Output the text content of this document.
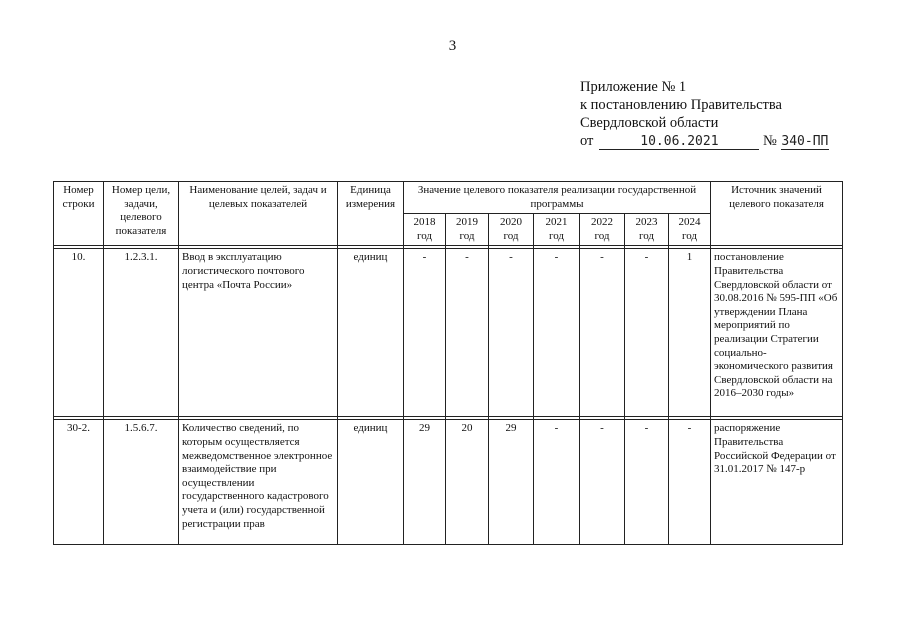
3
Приложение № 1
к постановлению Правительства
Свердловской области
от	10.06.2021	№ 340-ПП
Номер строки	Номер цели, задачи, целевого показателя	Наименование целей, задач и целевых показателей	Единица измерения	Значение целевого показателя реализации государственной программы							Источник значений целевого показателя
				2018 год	2019 год	2020 год	2021 год	2022 год	2023 год	2024 год	

10.	1.2.3.1.	Ввод в эксплуатацию логистического почтового центра «Почта России»	единиц	-	-	-	-	-	-	1	постановление Правительства Свердловской области от 30.08.2016 № 595-ПП «Об утверждении Плана мероприятий по реализации Стратегии социально-экономического развития Свердловской области на 2016–2030 годы»

30-2.	1.5.6.7.	Количество сведений, по которым осуществляется межведомственное электронное взаимодействие при осуществлении государственного кадастрового учета и (или) государственной регистрации прав	единиц	29	20	29	-	-	-	-	распоряжение Правительства Российской Федерации от 31.01.2017 № 147-р
